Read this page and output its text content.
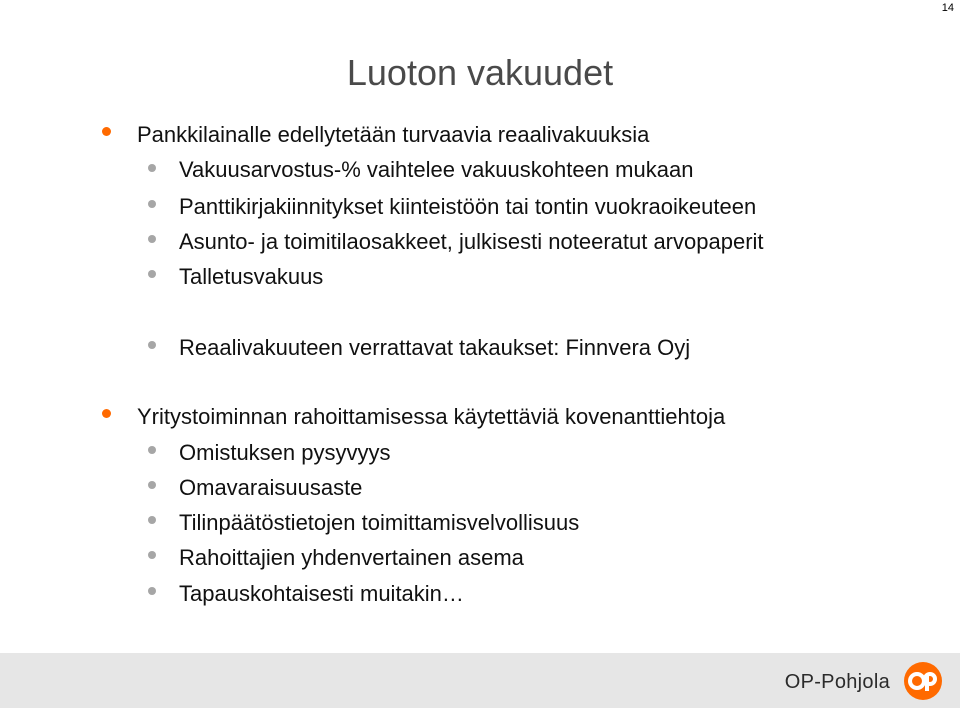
14
Luoton vakuudet
Pankkilainalle edellytetään turvaavia reaalivakuuksia
Vakuusarvostus-% vaihtelee vakuuskohteen mukaan
Panttikirjakiinnitykset kiinteistöön tai tontin vuokraoikeuteen
Asunto- ja toimitilaosakkeet, julkisesti noteeratut arvopaperit
Talletusvakuus
Reaalivakuuteen verrattavat takaukset: Finnvera Oyj
Yritystoiminnan rahoittamisessa käytettäviä kovenanttiehtoja
Omistuksen pysyvyys
Omavaraisuusaste
Tilinpäätöstietojen toimittamisvelvollisuus
Rahoittajien yhdenvertainen asema
Tapauskohtaisesti muitakin…
OP-Pohjola
